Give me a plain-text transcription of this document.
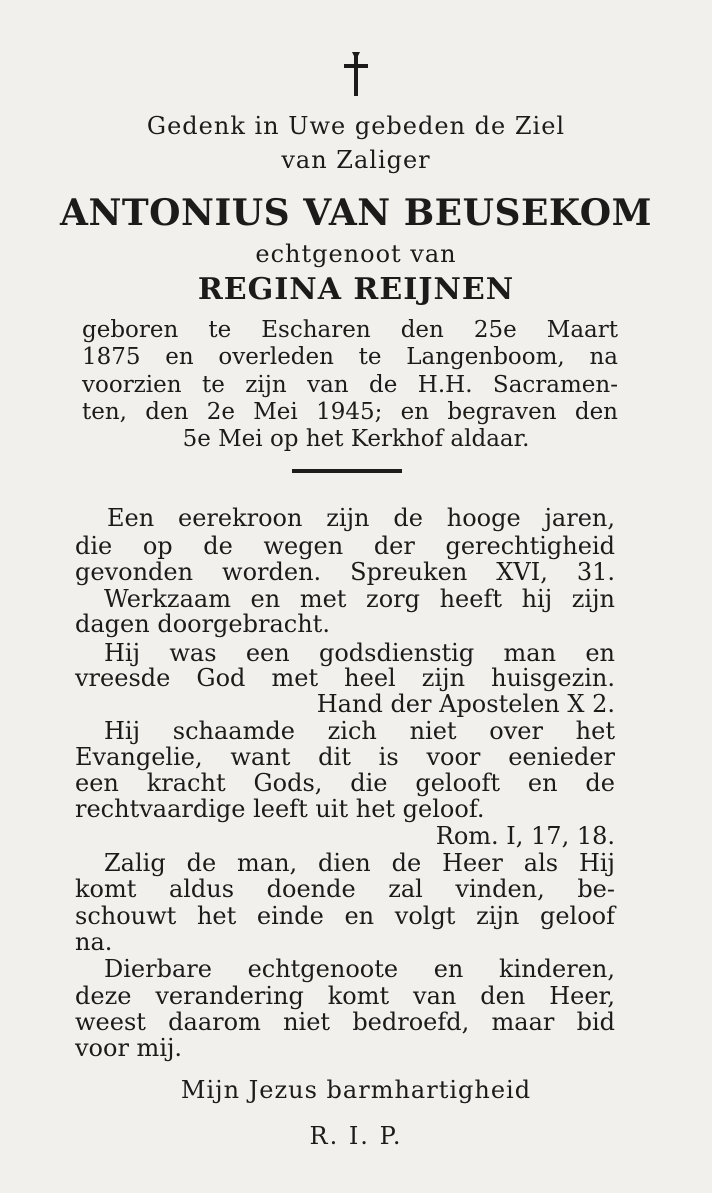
Gedenk in Uwe gebeden de Ziel
van Zaliger
ANTONIUS VAN BEUSEKOM
echtgenoot van
REGINA REIJNEN
geboren te Escharen den 25e Maart
1875 en overleden te Langenboom, na
voorzien te zijn van de H.H. Sacramen-
ten, den 2e Mei 1945; en begraven den
5e Mei op het Kerkhof aldaar.
Een eerekroon zijn de hooge jaren,
die op de wegen der gerechtigheid
gevonden worden. Spreuken XVI, 31.
Werkzaam en met zorg heeft hij zijn
dagen doorgebracht.
Hij was een godsdienstig man en
vreesde God met heel zijn huisgezin.
Hand der Apostelen X 2.
Hij schaamde zich niet over het
Evangelie, want dit is voor eenieder
een kracht Gods, die gelooft en de
rechtvaardige leeft uit het geloof.
Rom. I, 17, 18.
Zalig de man, dien de Heer als Hij
komt aldus doende zal vinden, be-
schouwt het einde en volgt zijn geloof
na.
Dierbare echtgenoote en kinderen,
deze verandering komt van den Heer,
weest daarom niet bedroefd, maar bid
voor mij.
Mijn Jezus barmhartigheid
R. I. P.
